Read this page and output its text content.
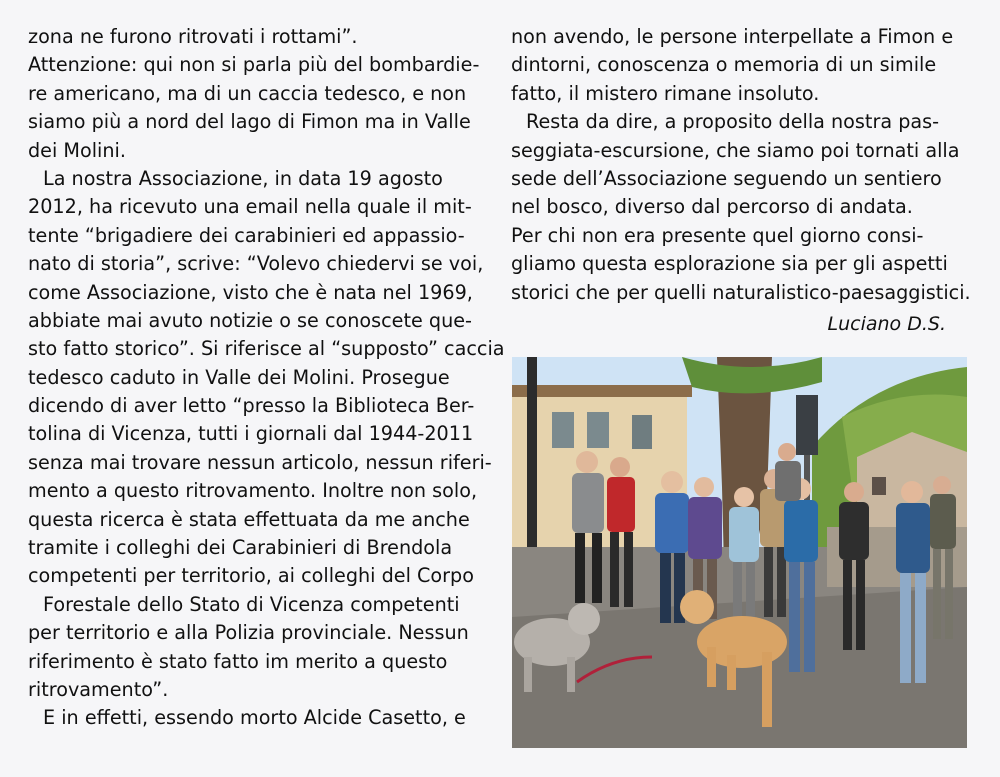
zona ne furono ritrovati i rottami”.
Attenzione: qui non si parla più del bombardie-
re americano, ma di un caccia tedesco, e non
siamo più a nord del lago di Fimon ma in Valle
dei Molini.
La nostra Associazione, in data 19 agosto
2012, ha ricevuto una email nella quale il mit-
tente “brigadiere dei carabinieri ed appassio-
nato di storia”, scrive: “Volevo chiedervi se voi,
come Associazione, visto che è nata nel 1969,
abbiate mai avuto notizie o se conoscete que-
sto fatto storico”. Si riferisce al “supposto” caccia
tedesco caduto in Valle dei Molini. Prosegue
dicendo di aver letto “presso la Biblioteca Ber-
tolina di Vicenza, tutti i giornali dal 1944-2011
senza mai trovare nessun articolo, nessun riferi-
mento a questo ritrovamento. Inoltre non solo,
questa ricerca è stata effettuata da me anche
tramite i colleghi dei Carabinieri di Brendola
competenti per territorio, ai colleghi del Corpo
Forestale dello Stato di Vicenza competenti
per territorio e alla Polizia provinciale. Nessun
riferimento è stato fatto im merito a questo
ritrovamento”.
E in effetti, essendo morto Alcide Casetto, e
non avendo, le persone interpellate a Fimon e
dintorni, conoscenza o memoria di un simile
fatto, il mistero rimane insoluto.
Resta da dire, a proposito della nostra pas-
seggiata-escursione, che siamo poi tornati alla
sede dell’Associazione seguendo un sentiero
nel bosco, diverso dal percorso di andata.
Per chi non era presente quel giorno consi-
gliamo questa esplorazione sia per gli aspetti
storici che per quelli naturalistico-paesaggistici.
Luciano D.S.
